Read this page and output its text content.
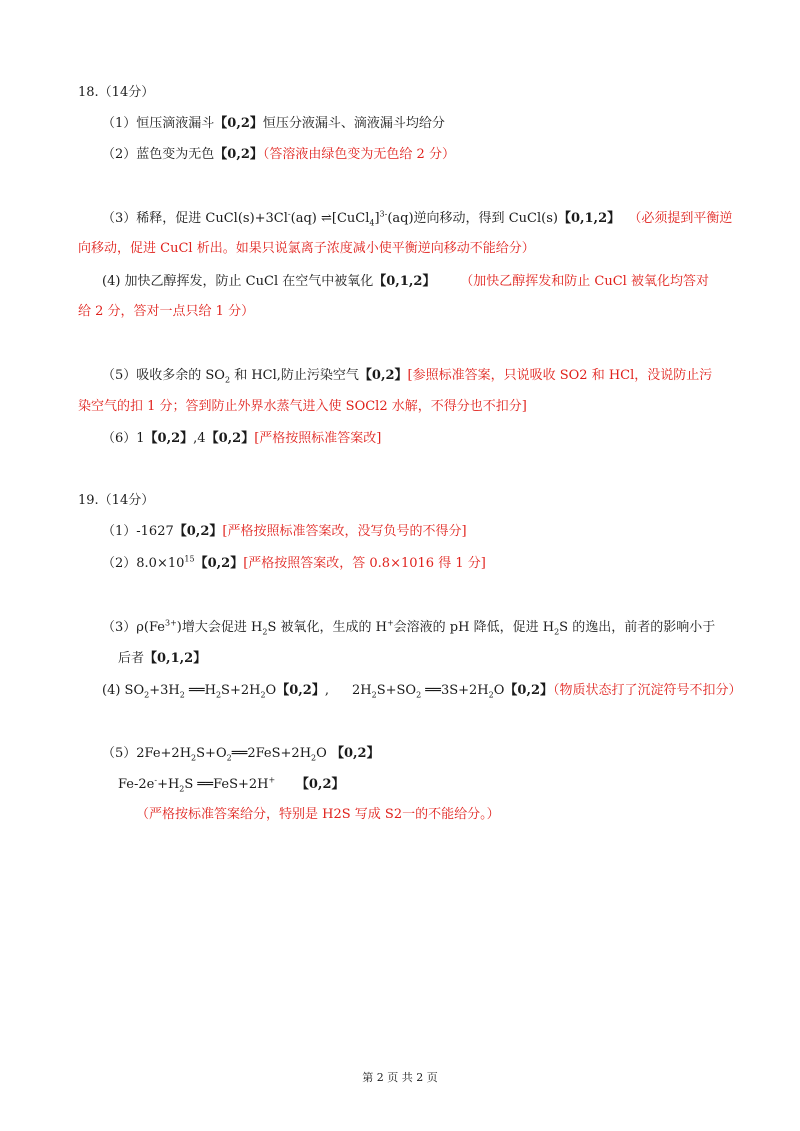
18.（14分）
（1）恒压滴液漏斗【0,2】恒压分液漏斗、滴液漏斗均给分
（2）蓝色变为无色【0,2】（答溶液由绿色变为无色给 2 分）
（3）稀释，促进 CuCl(s)+3Cl-(aq) ⇌[CuCl$_4$]$^{3-}$(aq)逆向移动，得到 CuCl(s)【0,1,2】 （必须提到平衡逆
向移动，促进 CuCl 析出。如果只说氯离子浓度减小使平衡逆向移动不能给分）
(4) 加快乙醇挥发，防止 CuCl 在空气中被氧化【0,1,2】 （加快乙醇挥发和防止 CuCl 被氧化均答对
给 2 分，答对一点只给 1 分）
（5）吸收多余的 $SO_2$ 和 HCl,防止污染空气【0,2】[参照标准答案，只说吸收 SO2 和 HCl，没说防止污
染空气的扣 1 分；答到防止外界水蒸气进入使 SOCl2 水解，不得分也不扣分]
（6）1【0,2】,4【0,2】[严格按照标准答案改]
19.（14分）
（1）-1627【0,2】[严格按照标准答案改，没写负号的不得分]
$(2)8.0\times 10^{15}$【0,2】[严格按照答案改，答 0.8×1016 得 1 分]
$(3)\rho(Fe^{3+})$增大会促进 $H_2S$ 被氧化，生成的 H+会溶液的 pH 降低，促进 $H_2S$ 的逸出，前者的影响小于
后者【0,1,2】
(4) $SO_2+3H_2$ $══H_2S+2H_2O$【0,2】, $2H_2S+SO_2$ $══3S+2H_2O$【0,2】（物质状态打了沉淀符号不扣分）
$(5)2Fe+2H_2S+O_2══2FeS+2H_2O$ 【0,2】
$Fe-2e^-+H_2S$ ══FeS+2H+ 【0,2】
（严格按标准答案给分，特别是 H2S 写成 S2一的不能给分。）
第 2 页 共 2 页
